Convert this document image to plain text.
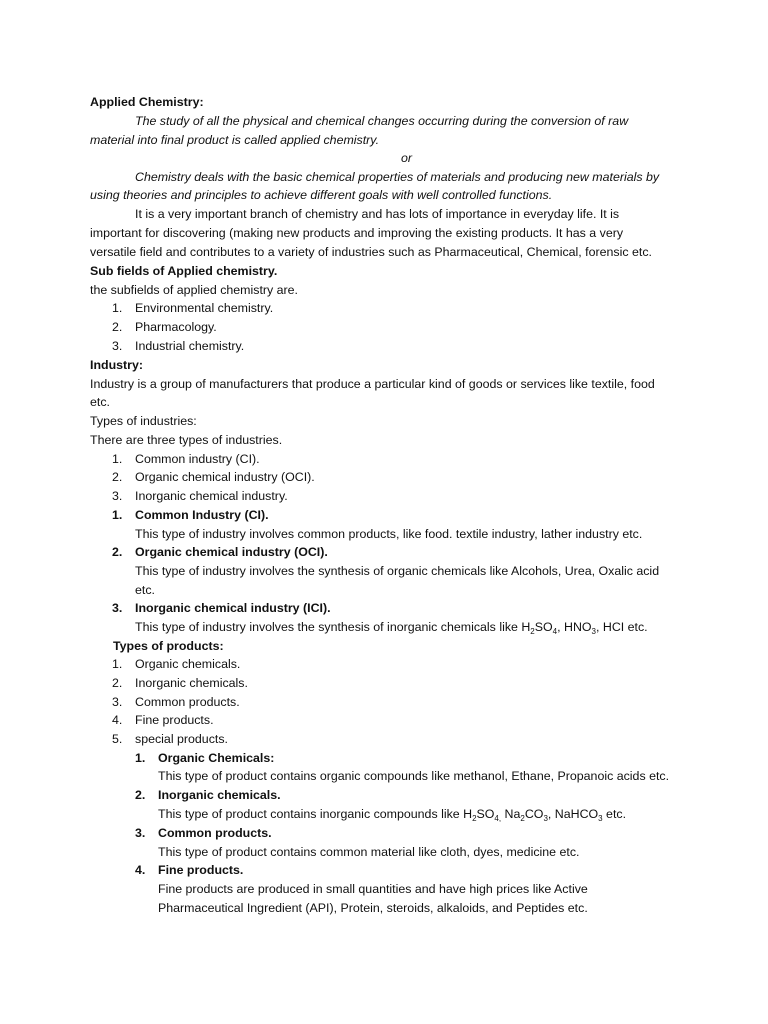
Applied Chemistry:
The study of all the physical and chemical changes occurring during the conversion of raw
material into final product is called applied chemistry.
or
Chemistry deals with the basic chemical properties of materials and producing new materials by
using theories and principles to achieve different goals with well controlled functions.
It is a very important branch of chemistry and has lots of importance in everyday life. It is
important for discovering (making new products and improving the existing products. It has a very
versatile field and contributes to a variety of industries such as Pharmaceutical, Chemical, forensic etc.
Sub fields of Applied chemistry.
the subfields of applied chemistry are.
1. Environmental chemistry.
2. Pharmacology.
3. Industrial chemistry.
Industry:
Industry is a group of manufacturers that produce a particular kind of goods or services like textile, food
etc.
Types of industries:
There are three types of industries.
1. Common industry (CI).
2. Organic chemical industry (OCI).
3. Inorganic chemical industry.
1. Common Industry (CI).
This type of industry involves common products, like food. textile industry, lather industry etc.
2. Organic chemical industry (OCI).
This type of industry involves the synthesis of organic chemicals like Alcohols, Urea, Oxalic acid
etc.
3. Inorganic chemical industry (ICI).
This type of industry involves the synthesis of inorganic chemicals like $H_2SO_4$, $HNO_3$, HCI etc.
Types of products:
1. Organic chemicals.
2. Inorganic chemicals.
3. Common products.
4. Fine products.
5. special products.
1. Organic Chemicals:
This type of product contains organic compounds like methanol, Ethane, Propanoic acids etc.
2. Inorganic chemicals.
This type of product contains inorganic compounds like $H_2SO_{4,}$ $Na_2CO_3$, NaHCO$_3$ etc.
3. Common products.
This type of product contains common material like cloth, dyes, medicine etc.
4. Fine products.
Fine products are produced in small quantities and have high prices like Active
Pharmaceutical Ingredient (API), Protein, steroids, alkaloids, and Peptides etc.
